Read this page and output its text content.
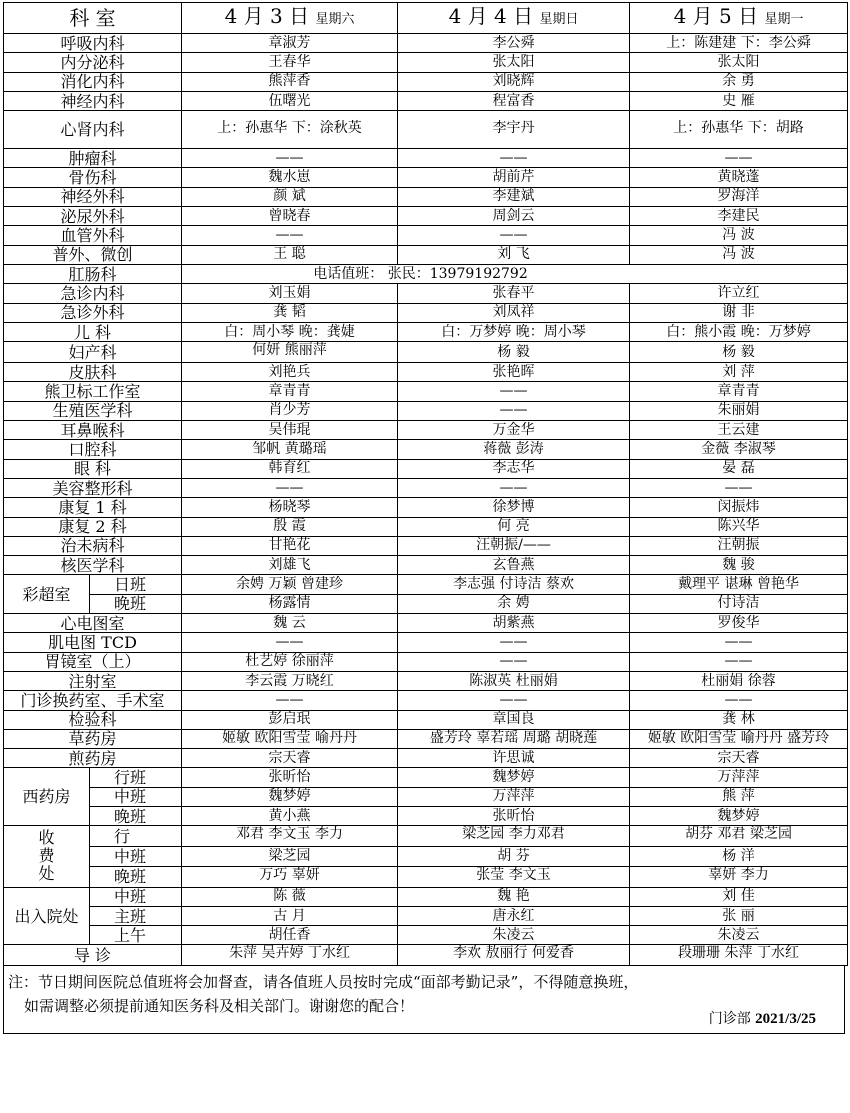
科 室		4 月 3 日 星期六	4 月 4 日 星期日	4 月 5 日 星期一
呼吸内科		章淑芳	李公舜	上：陈建建 下：李公舜
内分泌科		王春华	张太阳	张太阳
消化内科		熊萍香	刘晓辉	余 勇
神经内科		伍曙光	程富香	史 雁
心肾内科		上：孙惠华 下：涂秋英	李宇丹	上：孙惠华 下：胡路
肿瘤科		——	——	——
骨伤科		魏水崽	胡前芹	黄晓蓬
神经外科		颜 斌	李建斌	罗海洋
泌尿外科		曾晓春	周剑云	李建民
血管外科		——	——	冯 波
普外、微创		王 聪	刘 飞	冯 波
肛肠科		电话值班： 张民：13979192792		
急诊内科		刘玉娟	张春平	许立红
急诊外科		龚 韬	刘凤祥	谢 非
儿 科		白：周小琴 晚：龚婕	白：万梦婷 晚：周小琴	白：熊小霞 晚：万梦婷
妇产科		何妍 熊丽萍	杨 毅	杨 毅
皮肤科		刘艳兵	张艳晖	刘 萍
熊卫标工作室		章青青	——	章青青
生殖医学科		肖少芳	——	朱丽娟
耳鼻喉科		吴伟琨	万金华	王云建
口腔科		邹帆 黄璐瑶	蒋薇 彭涛	金薇 李淑琴
眼 科		韩育红	李志华	晏 磊
美容整形科		——	——	——
康复 1 科		杨晓琴	徐梦博	闵振炜
康复 2 科		殷 霞	何 亮	陈兴华
治未病科		甘艳花	汪朝振/——	汪朝振
核医学科		刘雄飞	玄鲁燕	魏 骏
彩超室	日班	余娉 万颖 曾建珍	李志强 付诗洁 蔡欢	戴理平 谌琳 曾艳华
	晚班	杨露情	余 娉	付诗洁
心电图室		魏 云	胡紫燕	罗俊华
肌电图 TCD		——	——	——
胃镜室（上）		杜艺婷 徐丽萍	——	——
注射室		李云霞 万晓红	陈淑英 杜丽娟	杜丽娟 徐蓉
门诊换药室、手术室		——	——	——
检验科		彭启珉	章国良	龚 林
草药房		姬敏 欧阳雪莹 喻丹丹	盛芳玲 辜若瑶 周璐 胡晓莲	姬敏 欧阳雪莹 喻丹丹 盛芳玲
煎药房		宗天睿	许思诚	宗天睿
西药房	行班	张昕怡	魏梦婷	万萍萍
	中班	魏梦婷	万萍萍	熊 萍
	晚班	黄小燕	张昕怡	魏梦婷

收
费
处	行	邓君 李文玉 李力	梁芝园 李力邓君	胡芬 邓君 梁芝园
	中班	梁芝园	胡 芬	杨 洋
	晚班	万巧 辜妍	张莹 李文玉	辜妍 李力
出入院处	中班	陈 薇	魏 艳	刘 佳
	主班	古 月	唐永红	张 丽
	上午	胡任香	朱凌云	朱凌云
导 诊		朱萍 吴卉婷 丁水红	李欢 敖丽行 何爱香	段珊珊 朱萍 丁水红
注：节日期间医院总值班将会加督查，请各值班人员按时完成“面部考勤记录”，不得随意换班，
如需调整必须提前通知医务科及相关部门。谢谢您的配合！
门诊部 2021/3/25
